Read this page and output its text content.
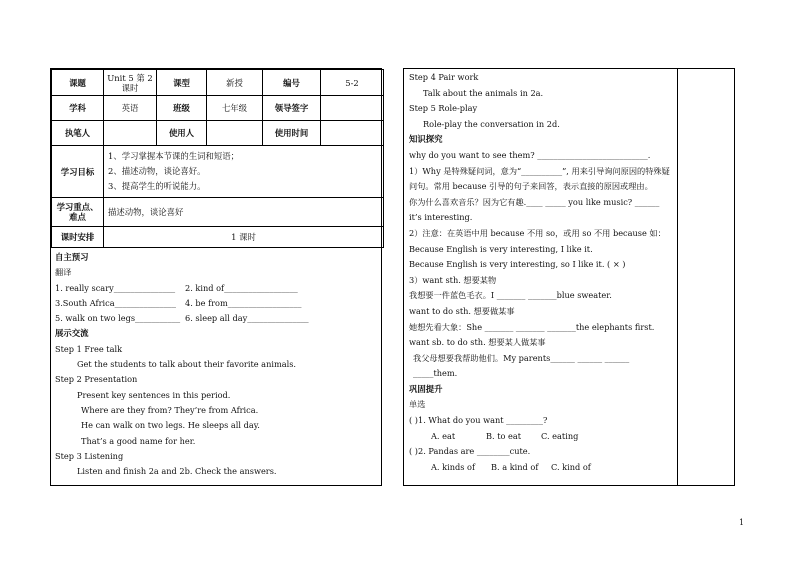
课题	Unit 5 第 2 课时	课型	新授	编号	5-2
学科	英语	班级	七年级	领导签字	
执笔人		使用人		使用时间	
学习目标	1、学习掌握本节课的生词和短语；
2、描述动物，谈论喜好。
3、提高学生的听说能力。				

学习重点、难点	描述动物，谈论喜好				
课时安排	1 课时				
自主预习
翻译
1. really scary_______________	2. kind of__________________
3.South Africa_______________	4. be from__________________
5. walk on two legs___________ 6. sleep all day_______________
展示交流
Step 1 Free talk
Get the students to talk about their favorite animals.
Step 2 Presentation
Present key sentences in this period.
Where are they from? They’re from Africa.
He can walk on two legs. He sleeps all day.
That’s a good name for her.
Step 3 Listening
Listen and finish 2a and 2b. Check the answers.
Step 4 Pair work
Talk about the animals in 2a.
Step 5 Role-play
Role-play the conversation in 2d.
知识探究
why do you want to see them? ___________________________.
1）Why 是特殊疑问词，意为“__________”, 用来引导询问原因的特殊疑问句。常用 because 引导的句子来回答，表示直接的原因或理由。
你为什么喜欢音乐？因为它有趣.____ _____ you like music? ______ it’s interesting.
2）注意：在英语中用 because 不用 so，或用 so 不用 because 如：
Because English is very interesting, I like it.
Because English is very interesting, so I like it. ( × )
3）want sth. 想要某物
我想要一件蓝色毛衣。I _______ _______blue sweater.
want to do sth. 想要做某事
她想先看大象：She _______ _______ _______the elephants first.
want sb. to do sth. 想要某人做某事
我父母想要我帮助他们。My parents______ ______ ______ _____them.
巩固提升
单选
( )1. What do you want _________?
A. eat	B. to eat	C. eating
( )2. Pandas are ________cute.
A. kinds of	B. a kind of	C. kind of
1
